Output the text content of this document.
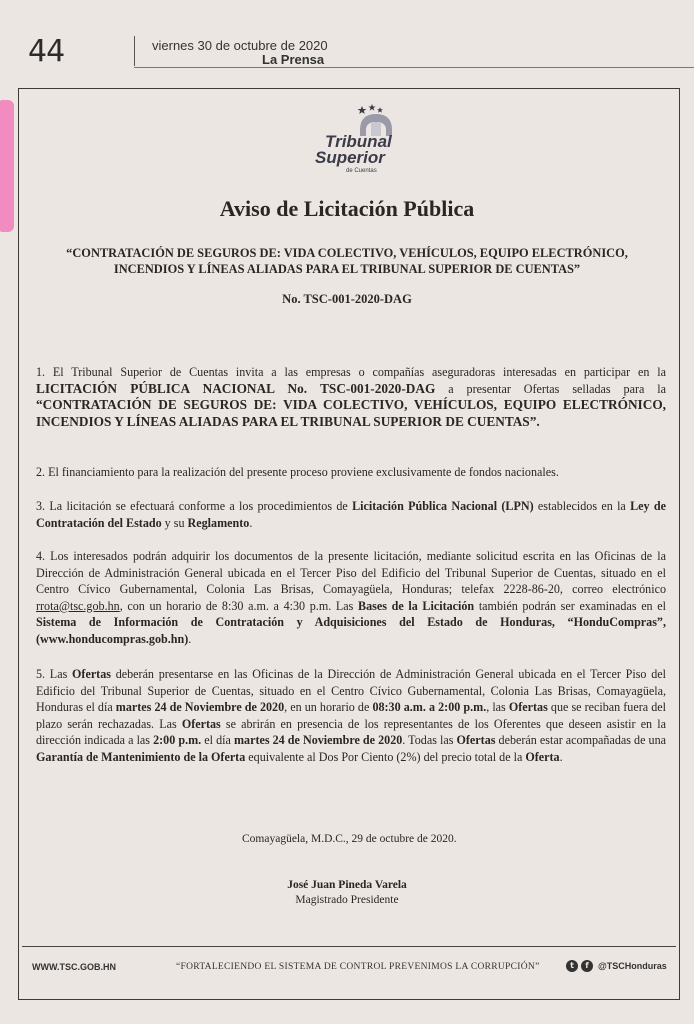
44	viernes 30 de octubre de 2020
La Prensa
Tribunal
Superior
de Cuentas
Aviso de Licitación Pública

“CONTRATACIÓN DE SEGUROS DE: VIDA COLECTIVO, VEHÍCULOS, EQUIPO ELECTRÓNICO, INCENDIOS Y LÍNEAS ALIADAS PARA EL TRIBUNAL SUPERIOR DE CUENTAS”

No. TSC-001-2020-DAG

1. El Tribunal Superior de Cuentas invita a las empresas o compañías aseguradoras interesadas en participar en la LICITACIÓN PÚBLICA NACIONAL No. TSC-001-2020-DAG a presentar Ofertas selladas para la “CONTRATACIÓN DE SEGUROS DE: VIDA COLECTIVO, VEHÍCULOS, EQUIPO ELECTRÓNICO, INCENDIOS Y LÍNEAS ALIADAS PARA EL TRIBUNAL SUPERIOR DE CUENTAS”.

2. El financiamiento para la realización del presente proceso proviene exclusivamente de fondos nacionales.

3. La licitación se efectuará conforme a los procedimientos de Licitación Pública Nacional (LPN) establecidos en la Ley de Contratación del Estado y su Reglamento.

4. Los interesados podrán adquirir los documentos de la presente licitación, mediante solicitud escrita en las Oficinas de la Dirección de Administración General ubicada en el Tercer Piso del Edificio del Tribunal Superior de Cuentas, situado en el Centro Cívico Gubernamental, Colonia Las Brisas, Comayagüela, Honduras; telefax 2228-86-20, correo electrónico rrota@tsc.gob.hn, con un horario de 8:30 a.m. a 4:30 p.m. Las Bases de la Licitación también podrán ser examinadas en el Sistema de Información de Contratación y Adquisiciones del Estado de Honduras, “HonduCompras”, (www.honducompras.gob.hn).

5. Las Ofertas deberán presentarse en las Oficinas de la Dirección de Administración General ubicada en el Tercer Piso del Edificio del Tribunal Superior de Cuentas, situado en el Centro Cívico Gubernamental, Colonia Las Brisas, Comayagüela, Honduras el día martes 24 de Noviembre de 2020, en un horario de 08:30 a.m. a 2:00 p.m., las Ofertas que se reciban fuera del plazo serán rechazadas. Las Ofertas se abrirán en presencia de los representantes de los Oferentes que deseen asistir en la dirección indicada a las 2:00 p.m. el día martes 24 de Noviembre de 2020. Todas las Ofertas deberán estar acompañadas de una Garantía de Mantenimiento de la Oferta equivalente al Dos Por Ciento (2%) del precio total de la Oferta.

Comayagüela, M.D.C., 29 de octubre de 2020.
José Juan Pineda Varela
Magistrado Presidente
WWW.TSC.GOB.HN	“FORTALECIENDO EL SISTEMA DE CONTROL PREVENIMOS LA CORRUPCIÓN”	t	f	@TSCHonduras
